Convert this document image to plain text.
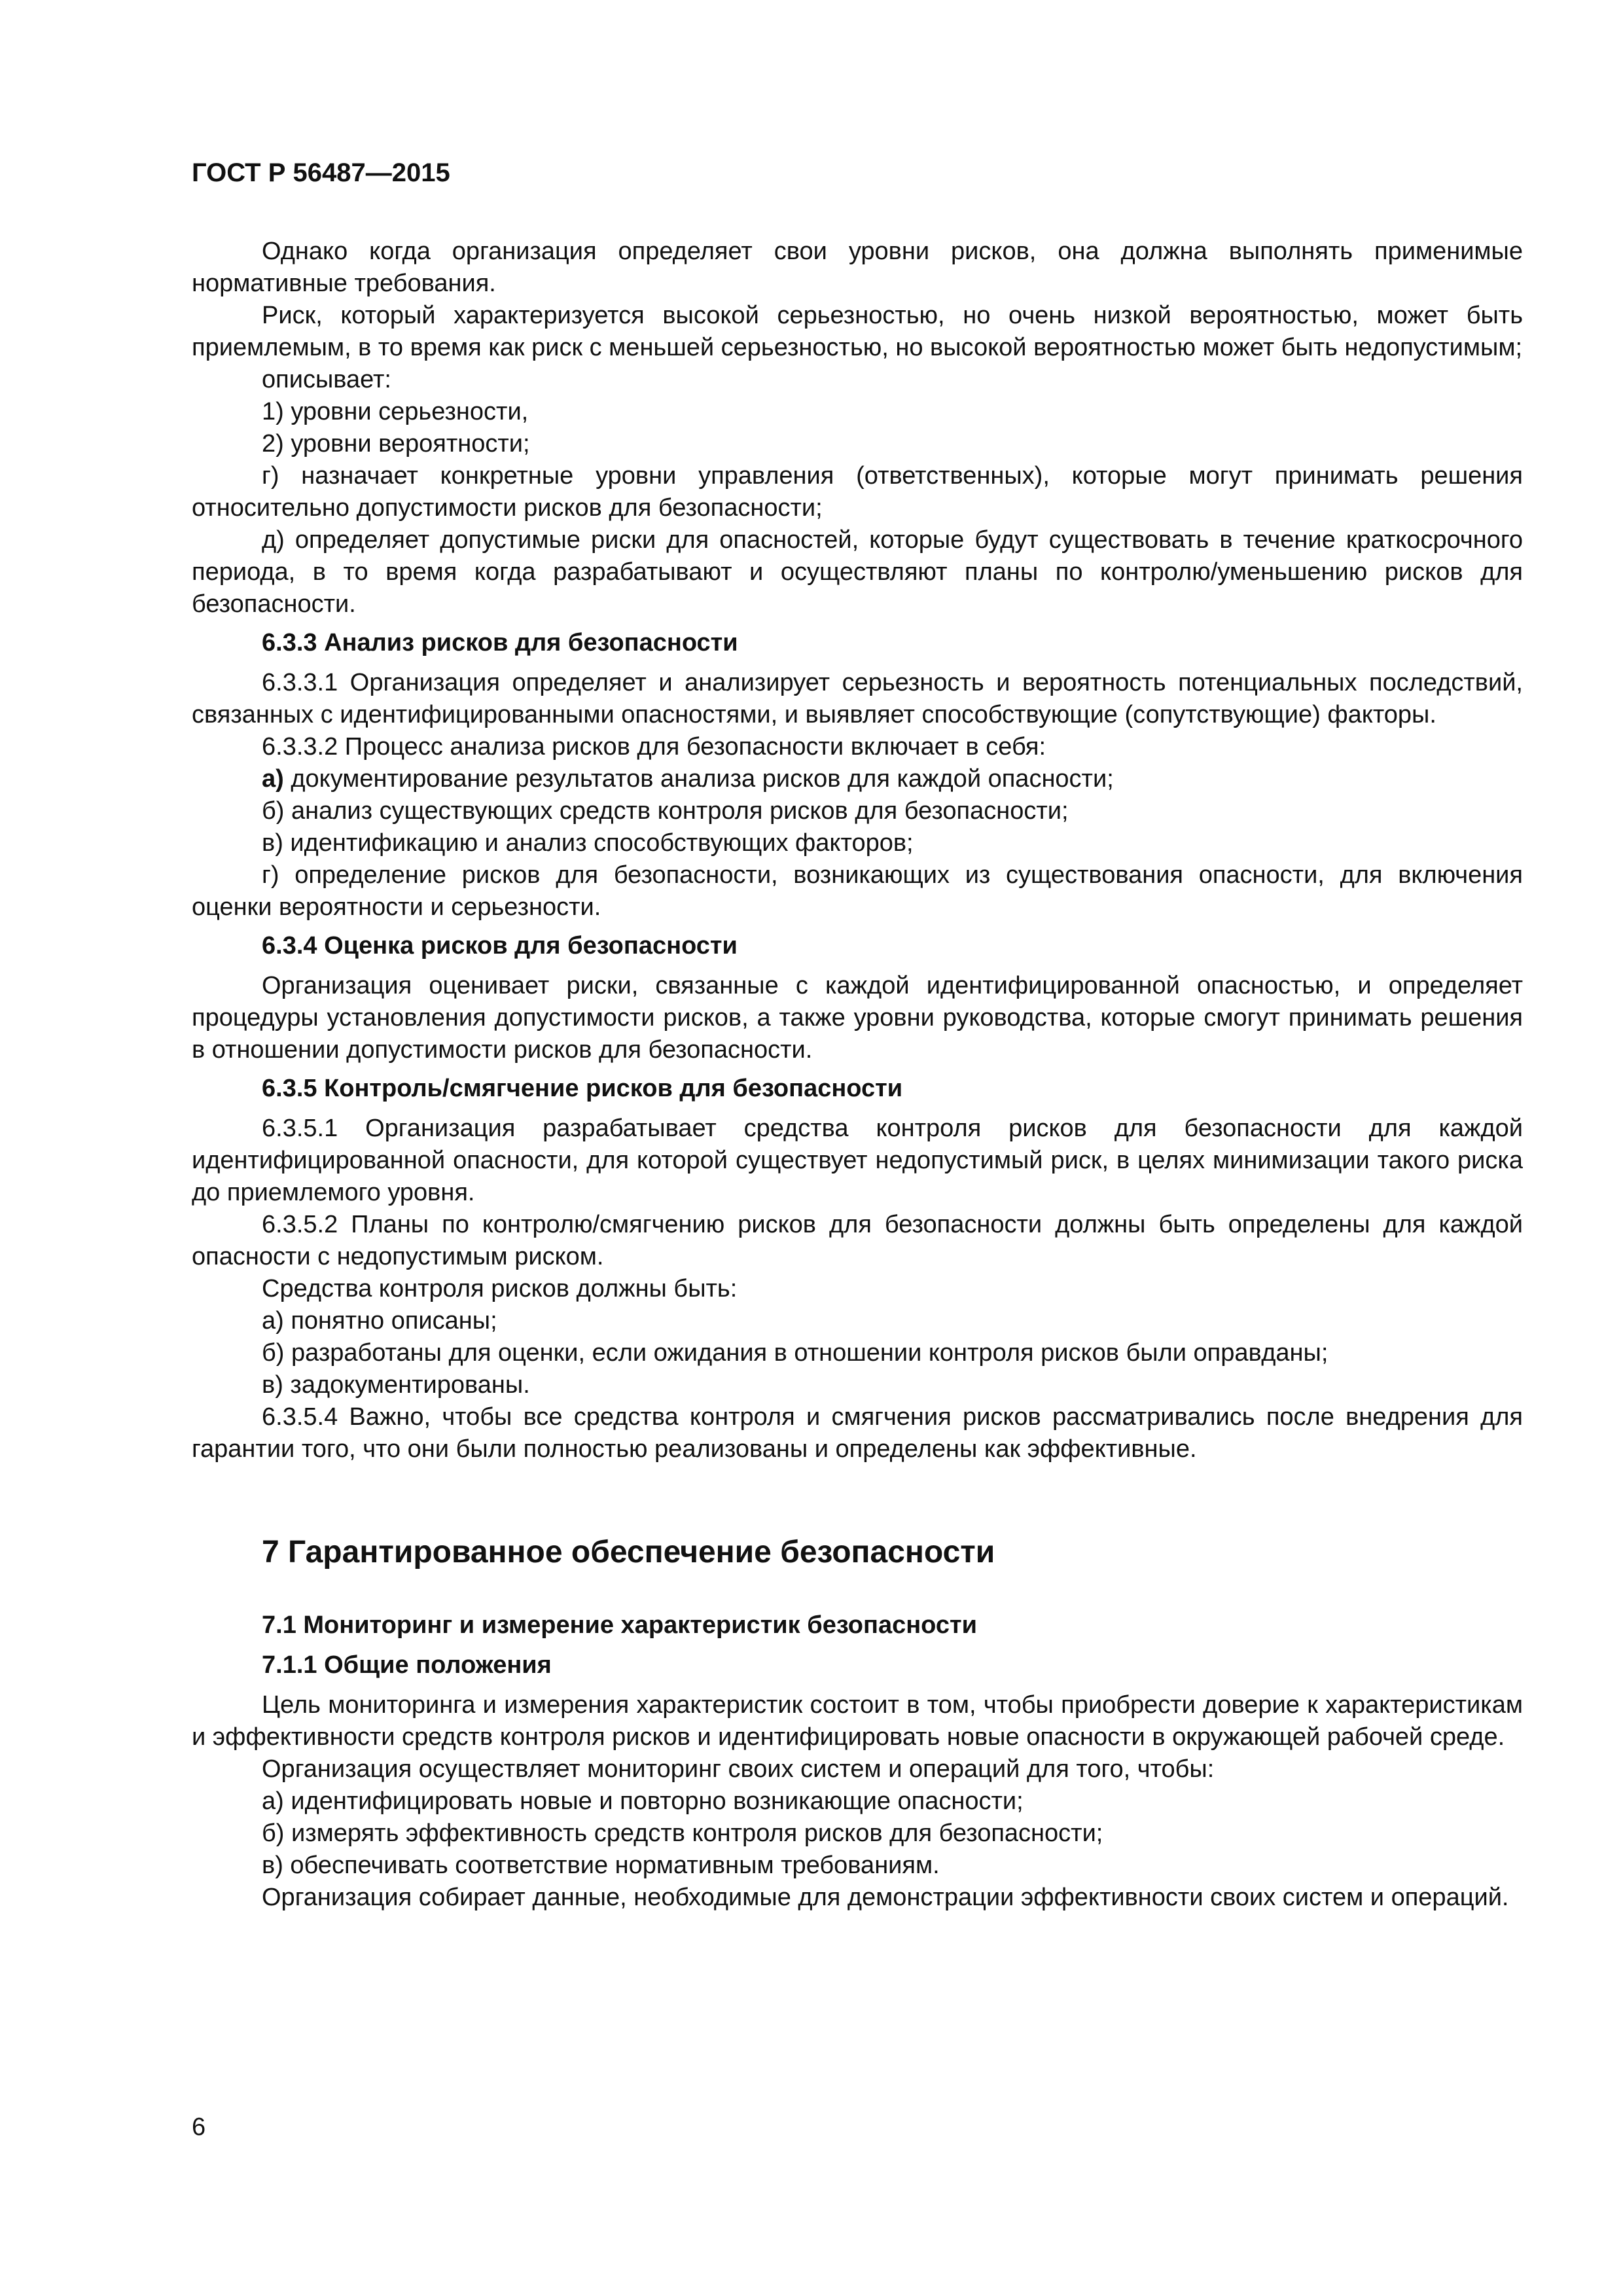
ГОСТ Р 56487—2015

Однако когда организация определяет свои уровни рисков, она должна выполнять применимые нормативные требования.

Риск, который характеризуется высокой серьезностью, но очень низкой вероятностью, может быть приемлемым, в то время как риск с меньшей серьезностью, но высокой вероятностью может быть недопустимым;

описывает:

1) уровни серьезности,

2) уровни вероятности;

г) назначает конкретные уровни управления (ответственных), которые могут принимать решения относительно допустимости рисков для безопасности;

д) определяет допустимые риски для опасностей, которые будут существовать в течение краткосрочного периода, в то время когда разрабатывают и осуществляют планы по контролю/уменьшению рисков для безопасности.

6.3.3 Анализ рисков для безопасности

6.3.3.1 Организация определяет и анализирует серьезность и вероятность потенциальных последствий, связанных с идентифицированными опасностями, и выявляет способствующие (сопутствующие) факторы.

6.3.3.2 Процесс анализа рисков для безопасности включает в себя:

а) документирование результатов анализа рисков для каждой опасности;

б) анализ существующих средств контроля рисков для безопасности;

в) идентификацию и анализ способствующих факторов;

г) определение рисков для безопасности, возникающих из существования опасности, для включения оценки вероятности и серьезности.

6.3.4 Оценка рисков для безопасности

Организация оценивает риски, связанные с каждой идентифицированной опасностью, и определяет процедуры установления допустимости рисков, а также уровни руководства, которые смогут принимать решения в отношении допустимости рисков для безопасности.

6.3.5 Контроль/смягчение рисков для безопасности

6.3.5.1 Организация разрабатывает средства контроля рисков для безопасности для каждой идентифицированной опасности, для которой существует недопустимый риск, в целях минимизации такого риска до приемлемого уровня.

6.3.5.2 Планы по контролю/смягчению рисков для безопасности должны быть определены для каждой опасности с недопустимым риском.

Средства контроля рисков должны быть:

а) понятно описаны;

б) разработаны для оценки, если ожидания в отношении контроля рисков были оправданы;

в) задокументированы.

6.3.5.4 Важно, чтобы все средства контроля и смягчения рисков рассматривались после внедрения для гарантии того, что они были полностью реализованы и определены как эффективные.

7 Гарантированное обеспечение безопасности
7.1 Мониторинг и измерение характеристик безопасности
7.1.1 Общие положения

Цель мониторинга и измерения характеристик состоит в том, чтобы приобрести доверие к характеристикам и эффективности средств контроля рисков и идентифицировать новые опасности в окружающей рабочей среде.

Организация осуществляет мониторинг своих систем и операций для того, чтобы:

а) идентифицировать новые и повторно возникающие опасности;

б) измерять эффективность средств контроля рисков для безопасности;

в) обеспечивать соответствие нормативным требованиям.

Организация собирает данные, необходимые для демонстрации эффективности своих систем и операций.

6
